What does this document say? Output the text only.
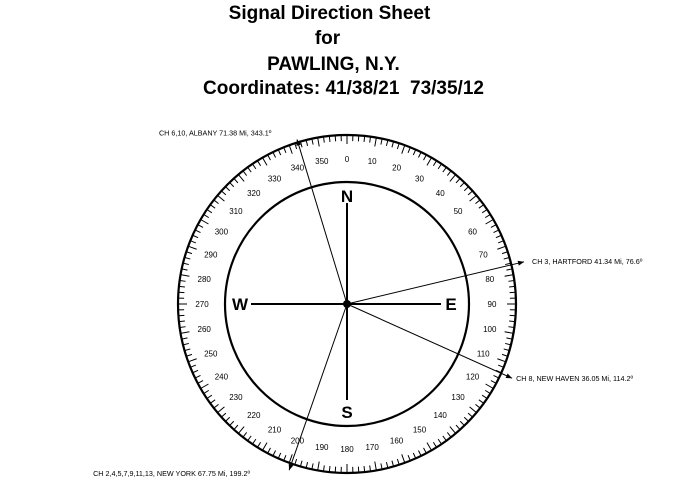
Signal Direction Sheet
for
PAWLING, N.Y.
Coordinates: 41/38/21 73/35/12
0 10
20
30
40
50
60
70
80
90
100
110
120
130
140
150
160
170
180
190
200
210
220
230
240
250
260
270
280
290
300
310
320
330
340
350
CH 6,10, ALBANY 71.38 Mi, 343.1º
CH 3, HARTFORD 41.34 Mi, 76.6º
CH 8, NEW HAVEN 36.05 Mi, 114.2º
CH 2,4,5,7,9,11,13, NEW YORK 67.75 Mi, 199.2º
N
E
S
W
